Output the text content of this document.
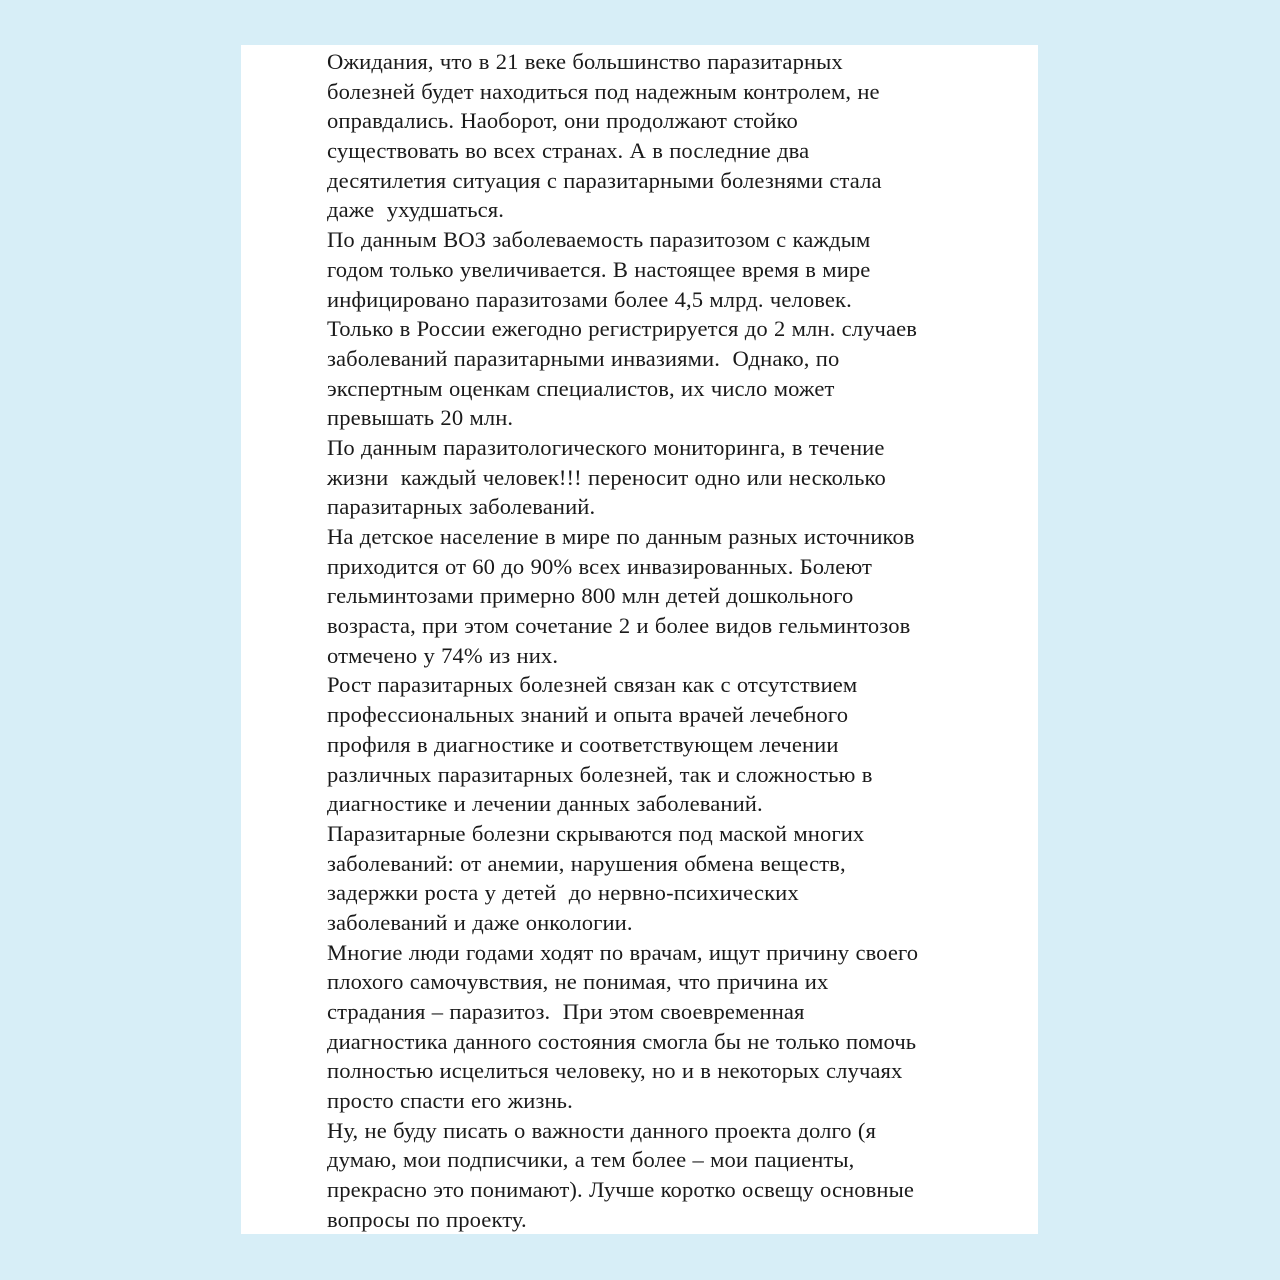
Ожидания, что в 21 веке большинство паразитарных
болезней будет находиться под надежным контролем, не
оправдались. Наоборот, они продолжают стойко
существовать во всех странах. А в последние два
десятилетия ситуация с паразитарными болезнями стала
даже  ухудшаться.
По данным ВОЗ заболеваемость паразитозом с каждым
годом только увеличивается. В настоящее время в мире
инфицировано паразитозами более 4,5 млрд. человек.
Только в России ежегодно регистрируется до 2 млн. случаев
заболеваний паразитарными инвазиями.  Однако, по
экспертным оценкам специалистов, их число может
превышать 20 млн.
По данным паразитологического мониторинга, в течение
жизни  каждый человек!!! переносит одно или несколько
паразитарных заболеваний.
На детское население в мире по данным разных источников
приходится от 60 до 90% всех инвазированных. Болеют
гельминтозами примерно 800 млн детей дошкольного
возраста, при этом сочетание 2 и более видов гельминтозов
отмечено у 74% из них.
Рост паразитарных болезней связан как с отсутствием
профессиональных знаний и опыта врачей лечебного
профиля в диагностике и соответствующем лечении
различных паразитарных болезней, так и сложностью в
диагностике и лечении данных заболеваний.
Паразитарные болезни скрываются под маской многих
заболеваний: от анемии, нарушения обмена веществ,
задержки роста у детей  до нервно-психических
заболеваний и даже онкологии.
Многие люди годами ходят по врачам, ищут причину своего
плохого самочувствия, не понимая, что причина их
страдания – паразитоз.  При этом своевременная
диагностика данного состояния смогла бы не только помочь
полностью исцелиться человеку, но и в некоторых случаях
просто спасти его жизнь.
Ну, не буду писать о важности данного проекта долго (я
думаю, мои подписчики, а тем более – мои пациенты,
прекрасно это понимают). Лучше коротко освещу основные
вопросы по проекту.
